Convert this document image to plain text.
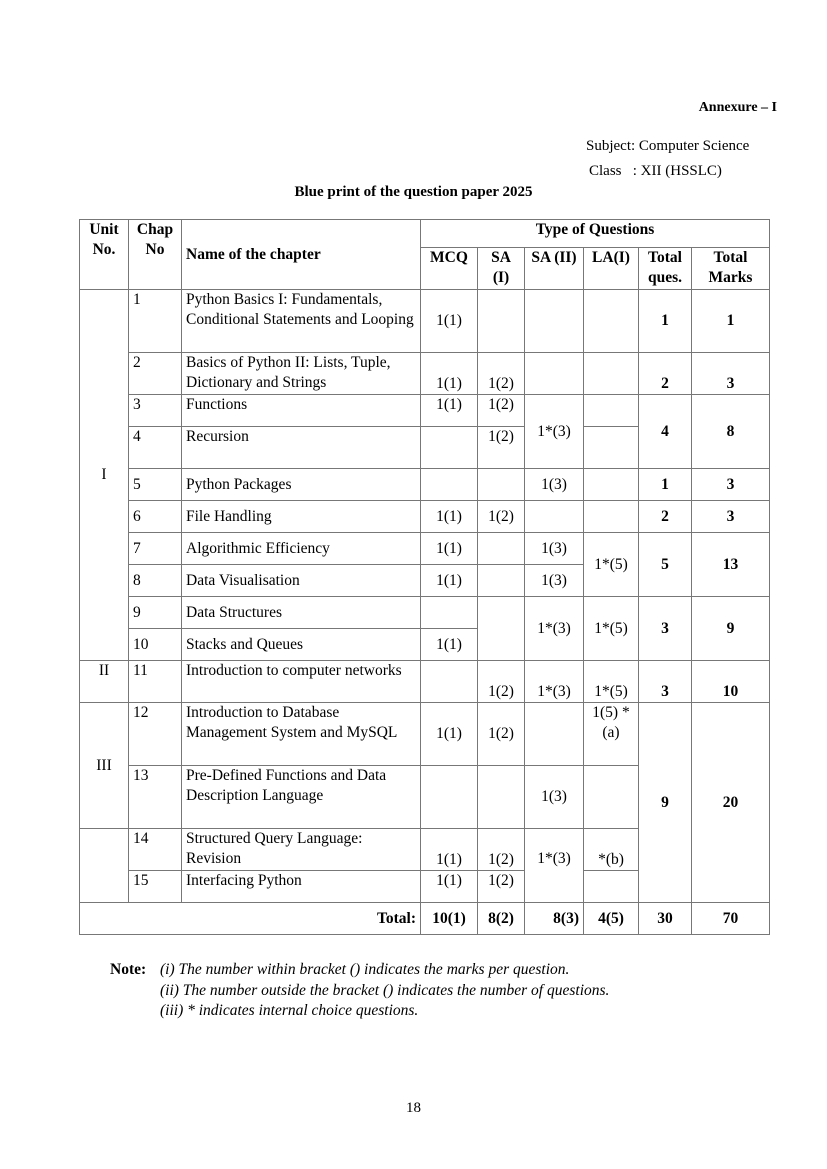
Annexure – I
Subject: Computer Science
Class   : XII (HSSLC)
Blue print of the question paper 2025
Unit No.	Chap No	Name of the chapter	Type of Questions					
			MCQ	SA (I)	SA (II)	LA(I)	Total ques.	Total Marks
I	1	Python Basics I: Fundamentals, Conditional Statements and Looping	1(1)				1	1
	2	Basics of Python II: Lists, Tuple, Dictionary and Strings	1(1)	1(2)			2	3
	3	Functions	1(1)	1(2)	1*(3)		4	8
	4	Recursion		1(2)				
	5	Python Packages			1(3)		1	3
	6	File Handling	1(1)	1(2)			2	3
	7	Algorithmic Efficiency	1(1)		1(3)	1*(5)	5	13
	8	Data Visualisation	1(1)		1(3)			
	9	Data Structures			1*(3)	1*(5)	3	9
	10	Stacks and Queues	1(1)					

II	11	Introduction to computer networks		1(2)	1*(3)	1*(5)	3	10
III	12	Introduction to Database Management System and MySQL	1(1)	1(2)		1(5) *(a)	9	20
	13	Pre-Defined Functions and Data Description Language			1(3)			
	14	Structured Query Language: Revision	1(1)	1(2)	1*(3)	*(b)		
	15	Interfacing Python	1(1)	1(2)				
Total:			10(1)	8(2)	8(3)	4(5)	30	70
Note: (i) The number within bracket () indicates the marks per question.
(ii) The number outside the bracket () indicates the number of questions.
(iii) * indicates internal choice questions.
18
